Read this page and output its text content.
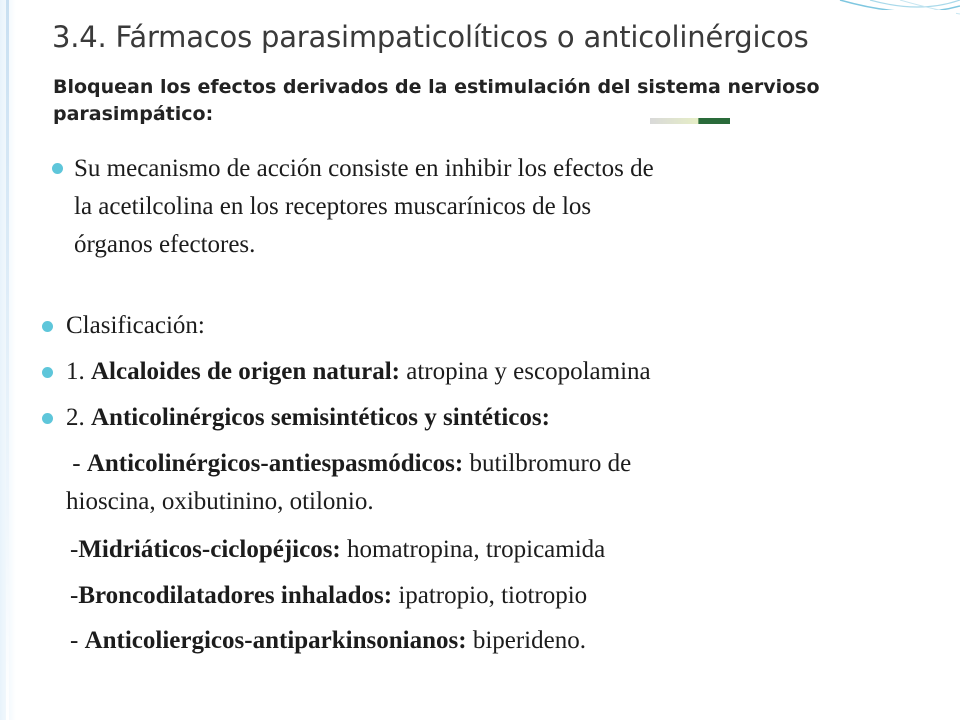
3.4. Fármacos parasimpaticolíticos o anticolinérgicos
Bloquean los efectos derivados de la estimulación del sistema nervioso
parasimpático:
Su mecanismo de acción consiste en inhibir los efectos de
la acetilcolina en los receptores muscarínicos de los
órganos efectores.
Clasificación:
1. Alcaloides de origen natural: atropina y escopolamina
2. Anticolinérgicos semisintéticos y sintéticos:
- Anticolinérgicos-antiespasmódicos: butilbromuro de
hioscina, oxibutinino, otilonio.
-Midriáticos-ciclopéjicos: homatropina, tropicamida
-Broncodilatadores inhalados: ipatropio, tiotropio
- Anticoliergicos-antiparkinsonianos: biperideno.
